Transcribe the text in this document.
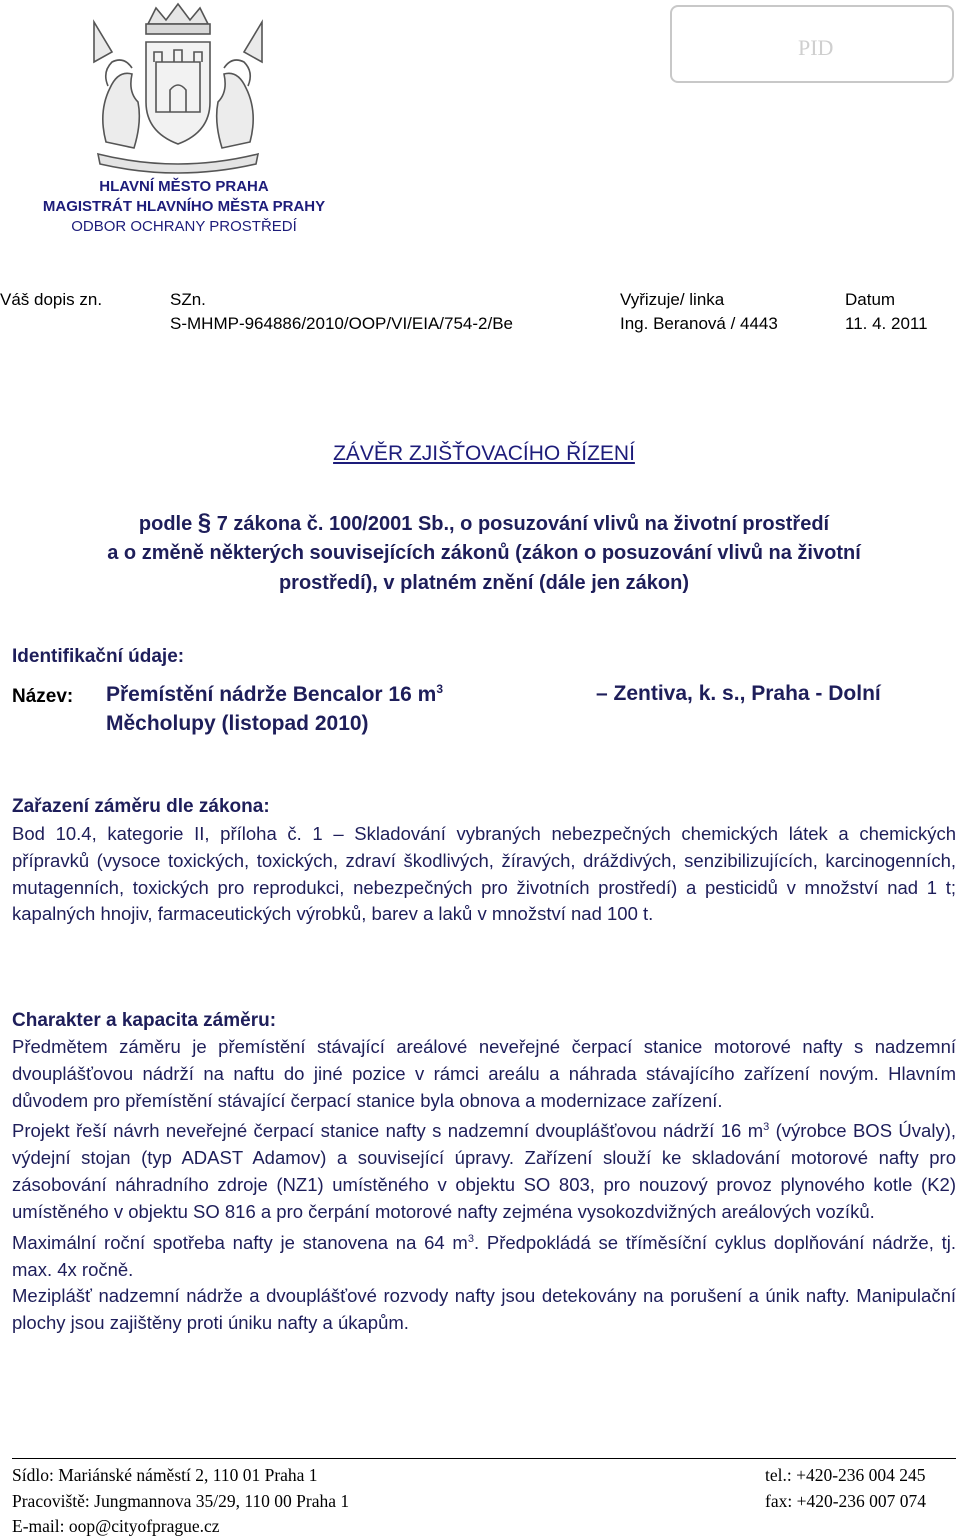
PID
HLAVNÍ MĚSTO PRAHA
MAGISTRÁT HLAVNÍHO MĚSTA PRAHY
ODBOR OCHRANY PROSTŘEDÍ
Váš dopis zn.	SZn.
S-MHMP-964886/2010/OOP/VI/EIA/754-2/Be
Vyřizuje/ linka
Ing. Beranová / 4443
Datum
11. 4. 2011
ZÁVĚR ZJIŠŤOVACÍHO ŘÍZENÍ
podle § 7 zákona č. 100/2001 Sb., o posuzování vlivů na životní prostředí
a o změně některých souvisejících zákonů (zákon o posuzování vlivů na životní
prostředí), v platném znění (dále jen zákon)
Identifikační údaje:
Název: Přemístění nádrže Bencalor 16 $m^3$	– Zentiva, k. s., Praha - Dolní
Měcholupy (listopad 2010)
Zařazení záměru dle zákona:
Bod 10.4, kategorie II, příloha č. 1 – Skladování vybraných nebezpečných chemických látek a chemických přípravků (vysoce toxických, toxických, zdraví škodlivých, žíravých, dráždivých, senzibilizujících, karcinogenních, mutagenních, toxických pro reprodukci, nebezpečných pro životních prostředí) a pesticidů v množství nad 1 t; kapalných hnojiv, farmaceutických výrobků, barev a laků v množství nad 100 t.
Charakter a kapacita záměru:
Předmětem záměru je přemístění stávající areálové neveřejné čerpací stanice motorové nafty s nadzemní dvouplášťovou nádrží na naftu do jiné pozice v rámci areálu a náhrada stávajícího zařízení novým. Hlavním důvodem pro přemístění stávající čerpací stanice byla obnova a modernizace zařízení.
Projekt řeší návrh neveřejné čerpací stanice nafty s nadzemní dvouplášťovou nádrží 16 $m^3$ (výrobce BOS Úvaly), výdejní stojan (typ ADAST Adamov) a související úpravy. Zařízení slouží ke skladování motorové nafty pro zásobování náhradního zdroje (NZ1) umístěného v objektu SO 803, pro nouzový provoz plynového kotle (K2) umístěného v objektu SO 816 a pro čerpání motorové nafty zejména vysokozdvižných areálových vozíků.
Maximální roční spotřeba nafty je stanovena na 64 $m^3$. Předpokládá se tříměsíční cyklus doplňování nádrže, tj. max. 4x ročně.
Meziplášť nadzemní nádrže a dvouplášťové rozvody nafty jsou detekovány na porušení a únik nafty. Manipulační plochy jsou zajištěny proti úniku nafty a úkapům.
Sídlo: Mariánské náměstí 2, 110 01 Praha 1
Pracoviště: Jungmannova 35/29, 110 00 Praha 1
E-mail: oop@cityofprague.cz
tel.: +420-236 004 245
fax: +420-236 007 074
